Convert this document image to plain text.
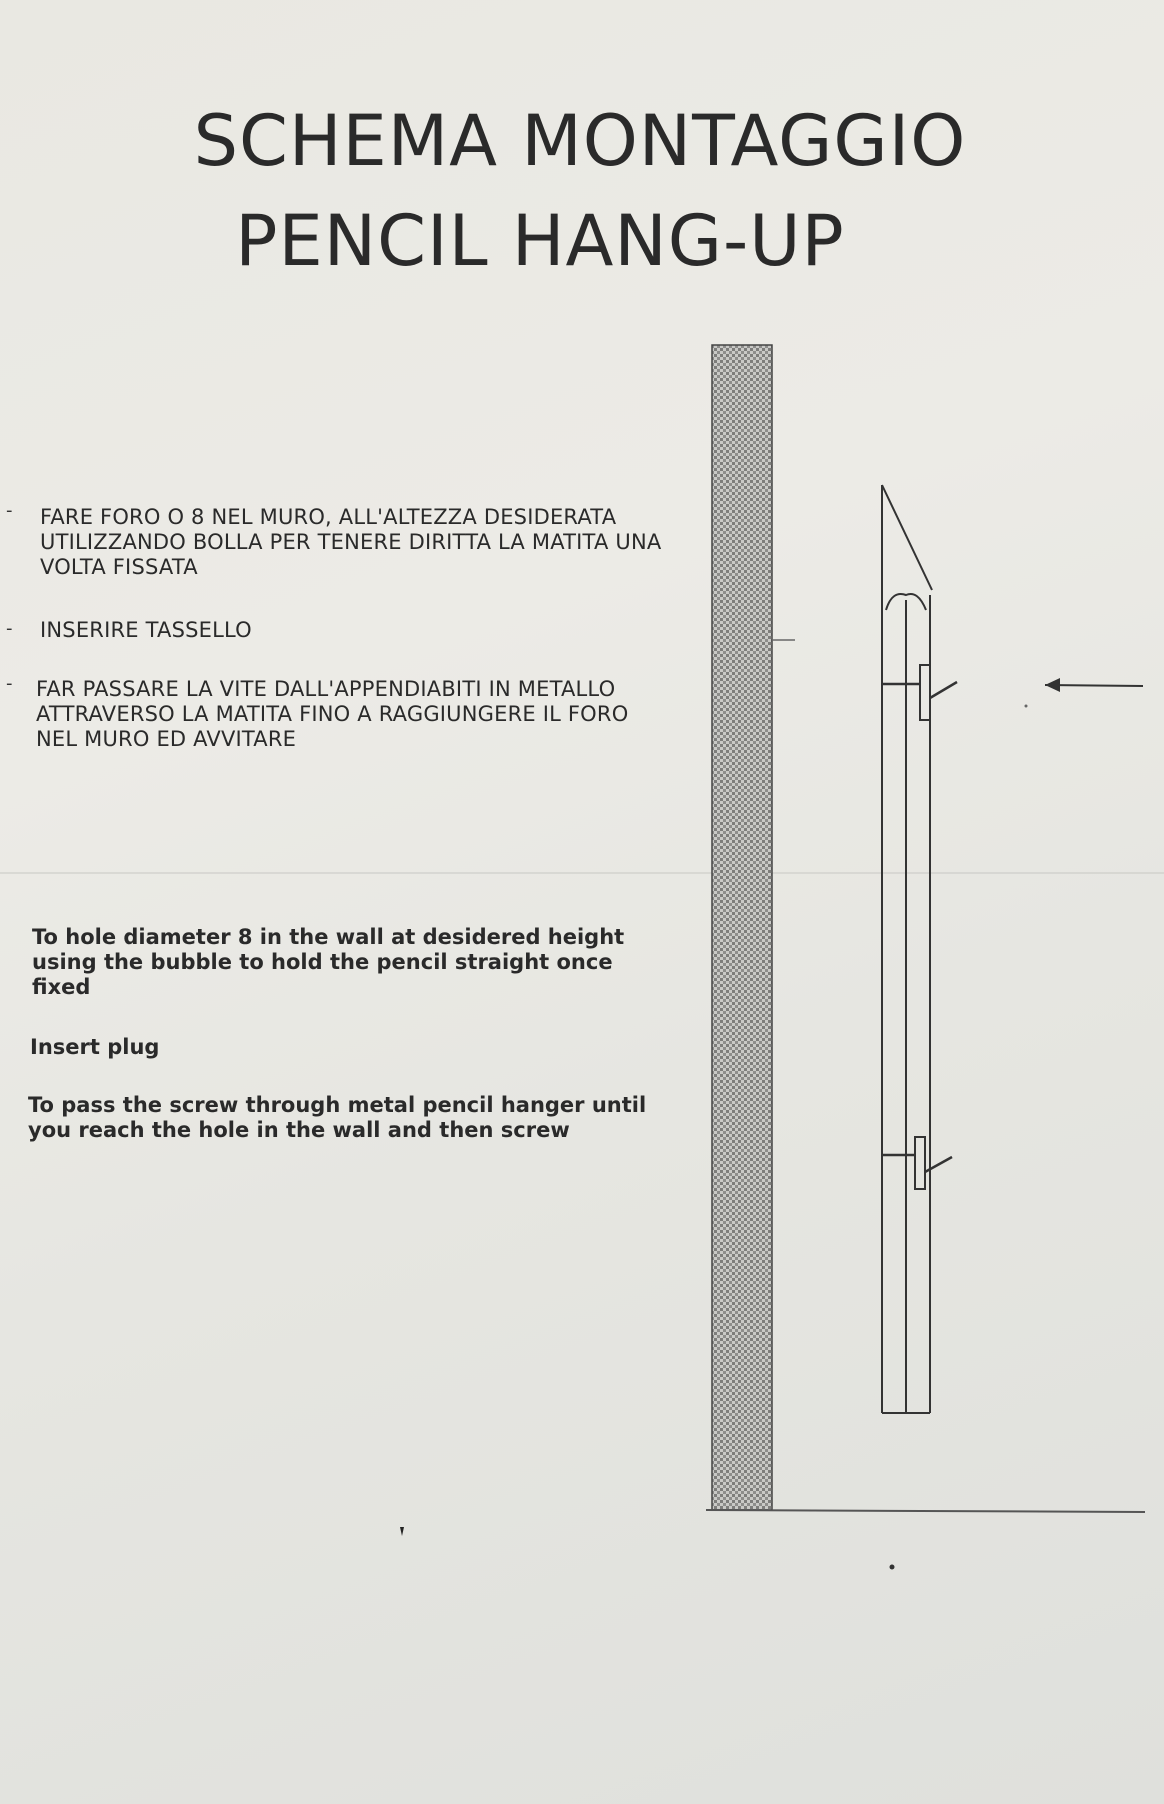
SCHEMA MONTAGGIO
PENCIL HANG-UP
- FARE FORO O 8 NEL MURO, ALL'ALTEZZA DESIDERATA UTILIZZANDO BOLLA PER TENERE DIRITTA LA MATITA UNA VOLTA FISSATA
- INSERIRE TASSELLO
- FAR PASSARE LA VITE DALL'APPENDIABITI IN METALLO ATTRAVERSO LA MATITA FINO A RAGGIUNGERE IL FORO NEL MURO ED AVVITARE
To hole diameter 8 in the wall at desidered height using the bubble to hold the pencil straight once fixed
Insert plug
To pass the screw through metal pencil hanger until you reach the hole in the wall and then screw
